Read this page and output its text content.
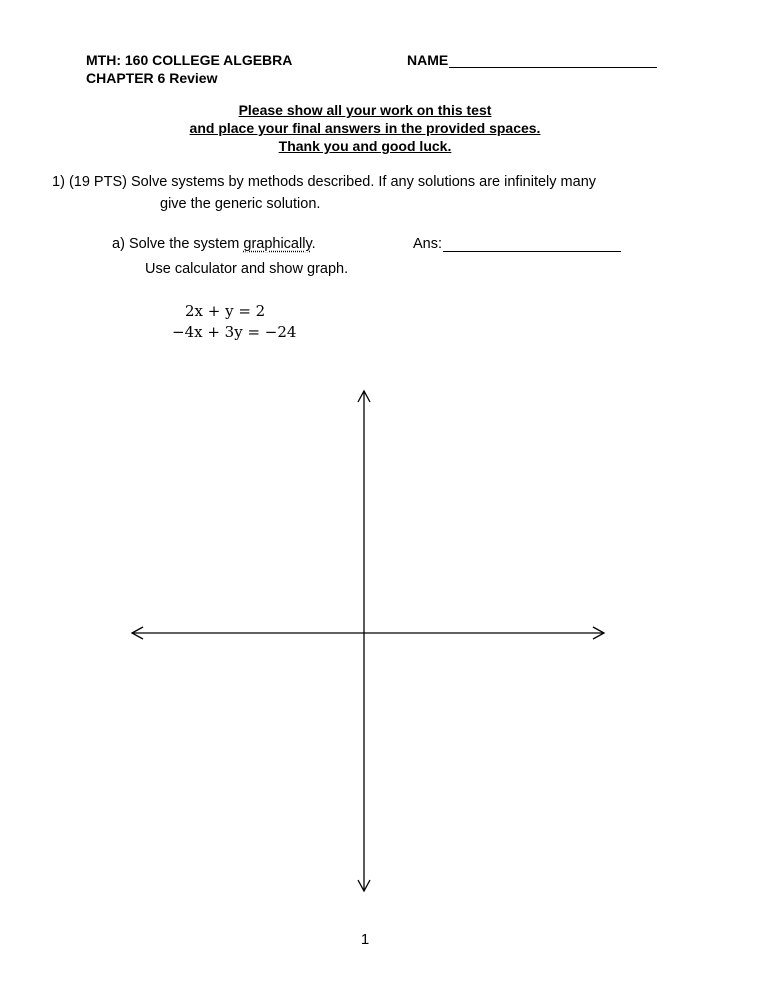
MTH: 160 COLLEGE ALGEBRA
CHAPTER 6 Review
NAME
Please show all your work on this test
and place your final answers in the provided spaces.
Thank you and good luck.
1) (19 PTS) Solve systems by methods described. If any solutions are infinitely many
give the generic solution.
a) Solve the system graphically.	Ans:
Use calculator and show graph.
2x + y = 2
−4x + 3y = −24
1
